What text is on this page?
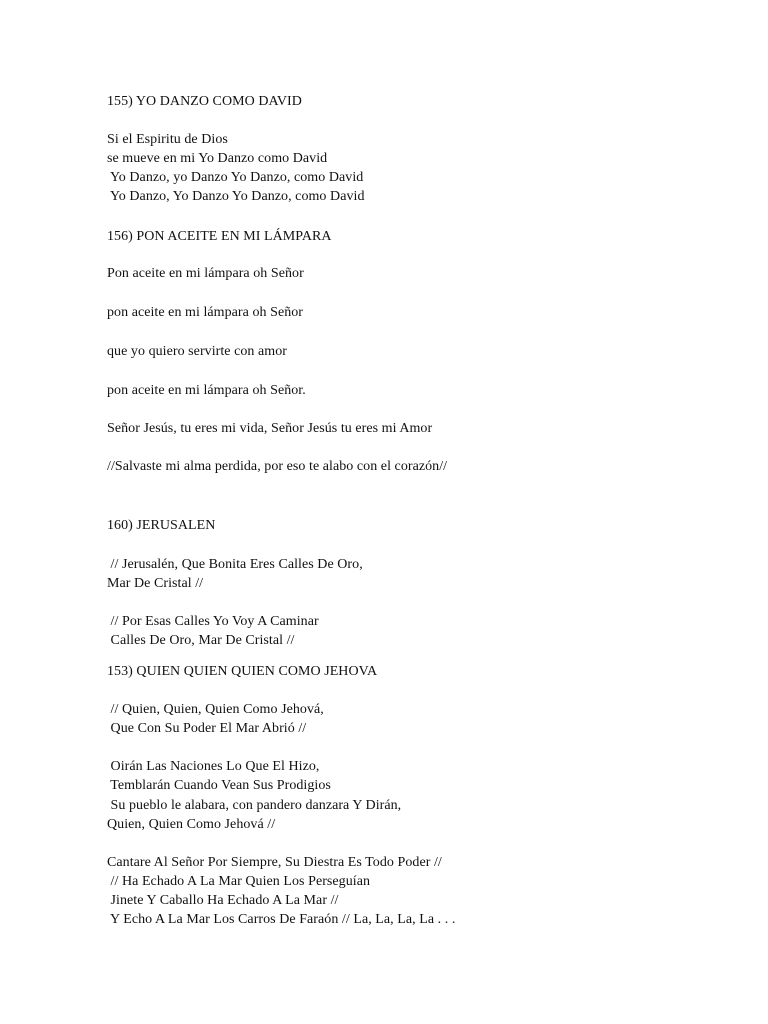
155) YO DANZO COMO DAVID
Si el Espiritu de Dios
se mueve en mi Yo Danzo como David
Yo Danzo, yo Danzo Yo Danzo, como David
Yo Danzo, Yo Danzo Yo Danzo, como David
156) PON ACEITE EN MI LÁMPARA
Pon aceite en mi lámpara oh Señor
pon aceite en mi lámpara oh Señor
que yo quiero servirte con amor
pon aceite en mi lámpara oh Señor.
Señor Jesús, tu eres mi vida, Señor Jesús tu eres mi Amor
//Salvaste mi alma perdida, por eso te alabo con el corazón//
160) JERUSALEN
// Jerusalén, Que Bonita Eres Calles De Oro,
Mar De Cristal //
// Por Esas Calles Yo Voy A Caminar
Calles De Oro, Mar De Cristal //
153) QUIEN QUIEN QUIEN COMO JEHOVA
// Quien, Quien, Quien Como Jehová,
Que Con Su Poder El Mar Abrió //
Oirán Las Naciones Lo Que El Hizo,
Temblarán Cuando Vean Sus Prodigios
Su pueblo le alabara, con pandero danzara Y Dirán,
Quien, Quien Como Jehová //
Cantare Al Señor Por Siempre, Su Diestra Es Todo Poder //
// Ha Echado A La Mar Quien Los Perseguían
Jinete Y Caballo Ha Echado A La Mar //
Y Echo A La Mar Los Carros De Faraón // La, La, La, La . . .
